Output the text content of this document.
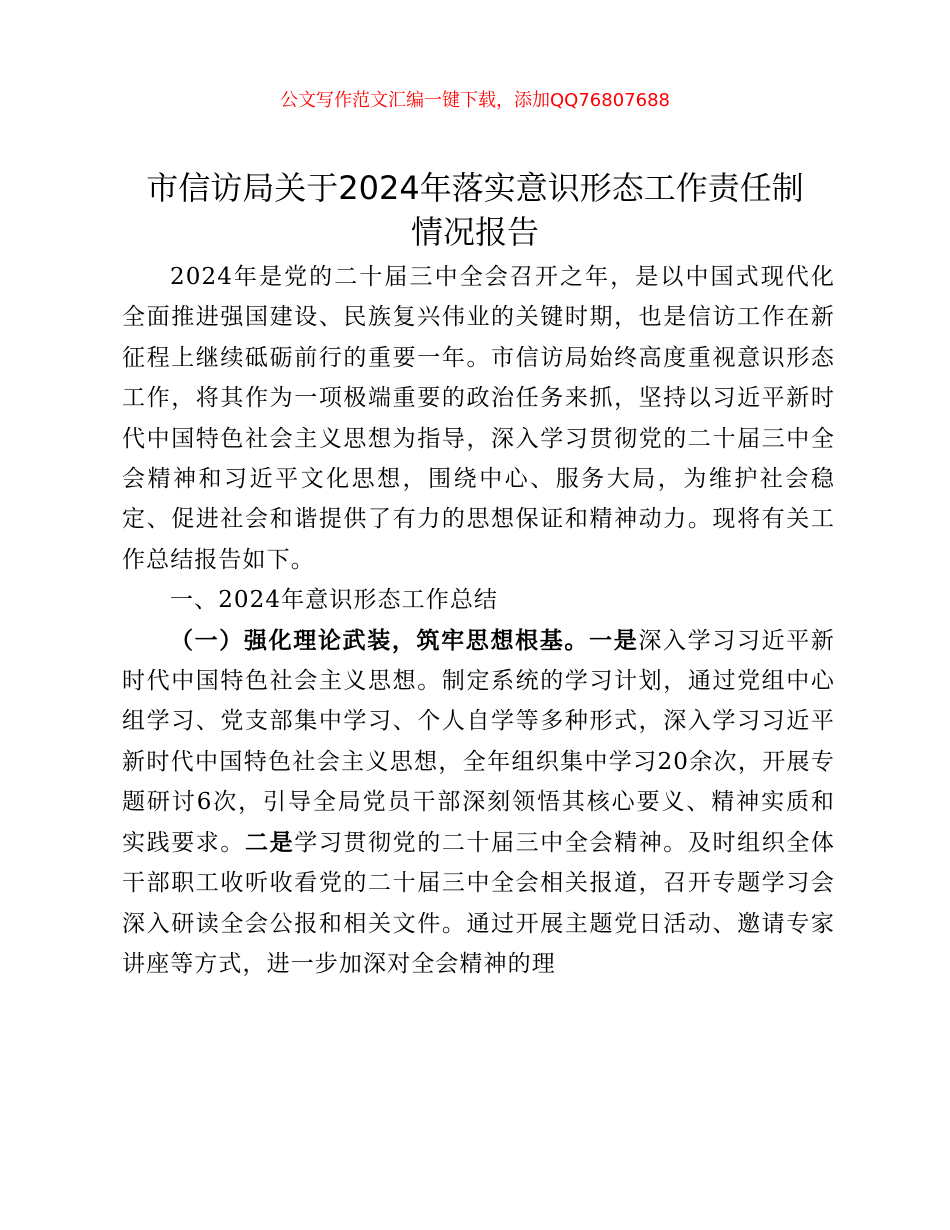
公文写作范文汇编一键下载，添加QQ76807688
市信访局关于2024年落实意识形态工作责任制
情况报告

2024年是党的二十届三中全会召开之年，是以中国式现代化全面推进强国建设、民族复兴伟业的关键时期，也是信访工作在新征程上继续砥砺前行的重要一年。市信访局始终高度重视意识形态工作，将其作为一项极端重要的政治任务来抓，坚持以习近平新时代中国特色社会主义思想为指导，深入学习贯彻党的二十届三中全会精神和习近平文化思想，围绕中心、服务大局，为维护社会稳定、促进社会和谐提供了有力的思想保证和精神动力。现将有关工作总结报告如下。

一、2024年意识形态工作总结

（一）强化理论武装，筑牢思想根基。一是深入学习习近平新时代中国特色社会主义思想。制定系统的学习计划，通过党组中心组学习、党支部集中学习、个人自学等多种形式，深入学习习近平新时代中国特色社会主义思想，全年组织集中学习20余次，开展专题研讨6次，引导全局党员干部深刻领悟其核心要义、精神实质和实践要求。二是学习贯彻党的二十届三中全会精神。及时组织全体干部职工收听收看党的二十届三中全会相关报道，召开专题学习会深入研读全会公报和相关文件。通过开展主题党日活动、邀请专家讲座等方式，进一步加深对全会精神的理
